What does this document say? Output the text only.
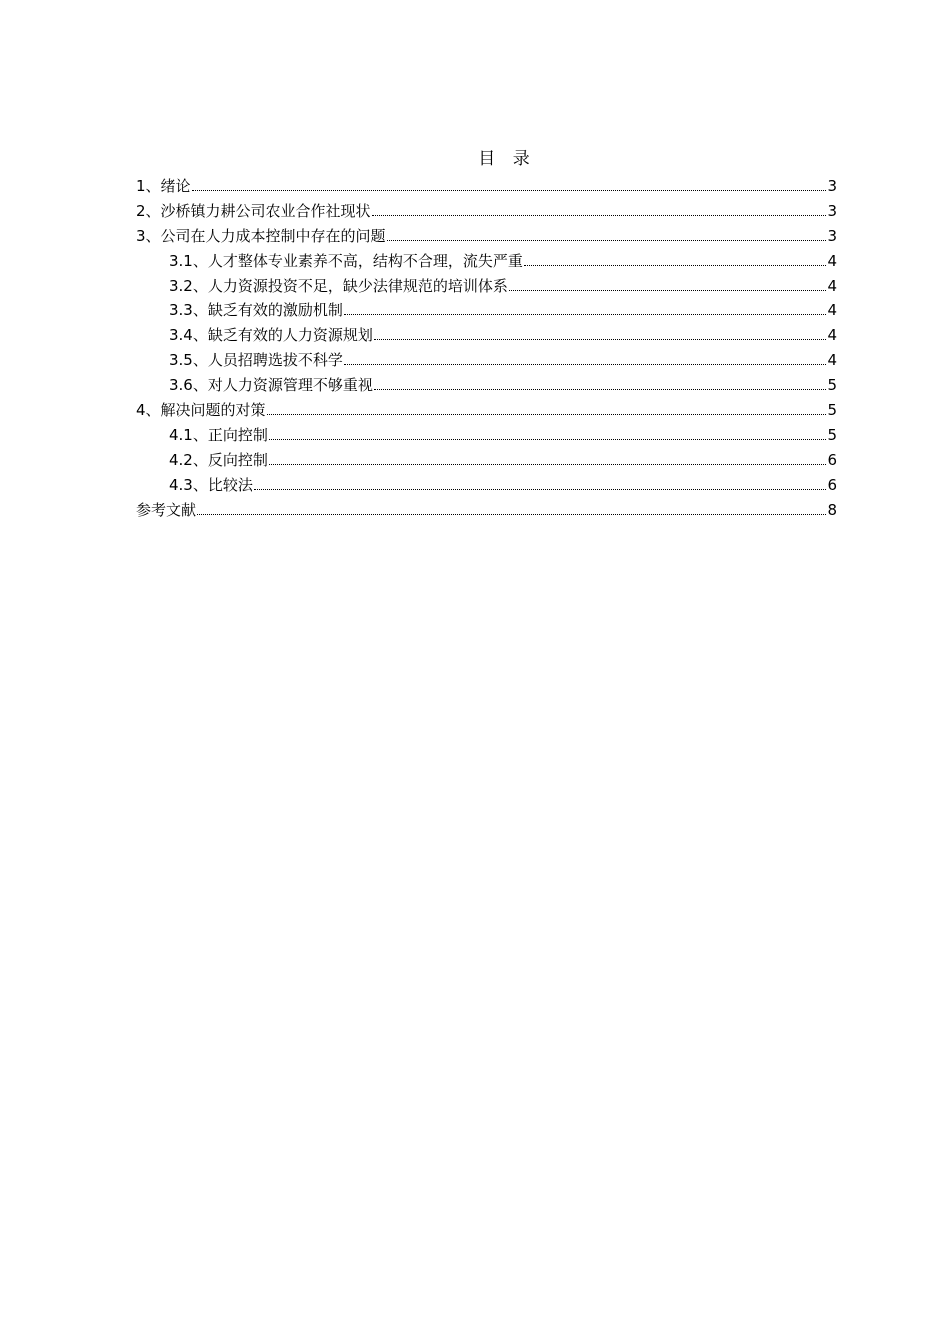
目 录
1、绪论	3
2、沙桥镇力耕公司农业合作社现状	3
3、公司在人力成本控制中存在的问题	3
3.1、人才整体专业素养不高，结构不合理，流失严重	4
3.2、人力资源投资不足，缺少法律规范的培训体系	4
3.3、缺乏有效的激励机制	4
3.4、缺乏有效的人力资源规划	4
3.5、人员招聘选拔不科学	4
3.6、对人力资源管理不够重视	5
4、解决问题的对策	5
4.1、正向控制	5
4.2、反向控制	6
4.3、比较法	6
参考文献	8
